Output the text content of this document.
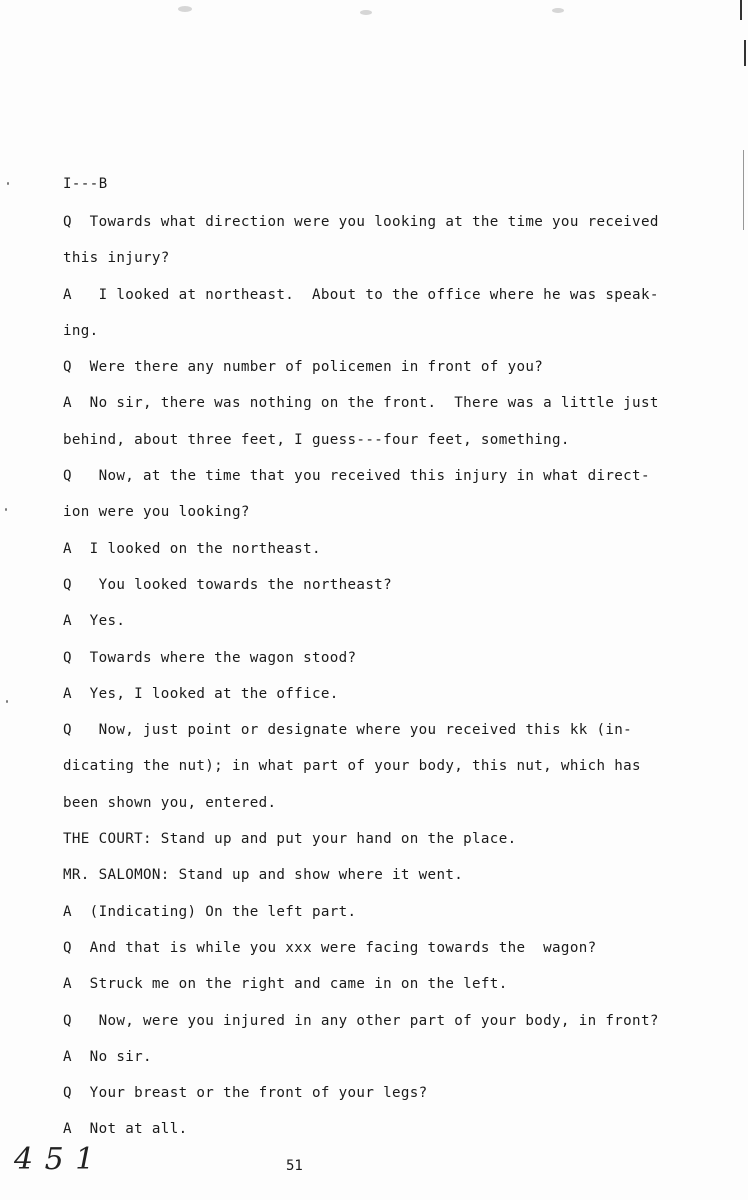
I---B
Q  Towards what direction were you looking at the time you received
this injury?
A   I looked at northeast.  About to the office where he was speak-
ing.
Q  Were there any number of policemen in front of you?
A  No sir, there was nothing on the front.  There was a little just
behind, about three feet, I guess---four feet, something.
Q   Now, at the time that you received this injury in what direct-
ion were you looking?
A  I looked on the northeast.
Q   You looked towards the northeast?
A  Yes.
Q  Towards where the wagon stood?
A  Yes, I looked at the office.
Q   Now, just point or designate where you received this kk (in-
dicating the nut); in what part of your body, this nut, which has
been shown you, entered.
THE COURT: Stand up and put your hand on the place.
MR. SALOMON: Stand up and show where it went.
A  (Indicating) On the left part.
Q  And that is while you xxx were facing towards the  wagon?
A  Struck me on the right and came in on the left.
Q   Now, were you injured in any other part of your body, in front?
A  No sir.
Q  Your breast or the front of your legs?
A  Not at all.
4 5 1	51
